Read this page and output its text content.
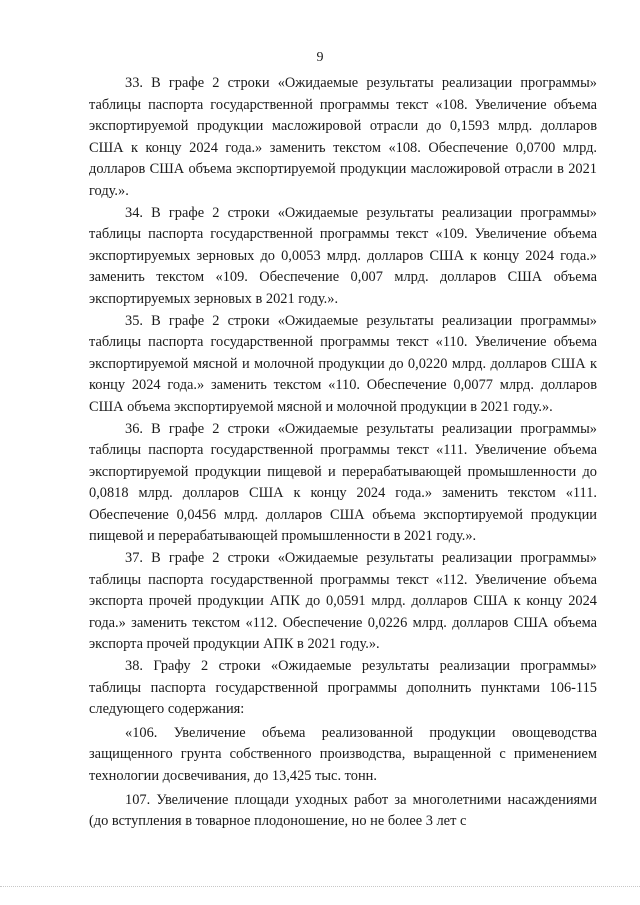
9

33. В графе 2 строки «Ожидаемые результаты реализации программы» таблицы паспорта государственной программы текст «108. Увеличение объема экспортируемой продукции масложировой отрасли до 0,1593 млрд. долларов США к концу 2024 года.» заменить текстом «108. Обеспечение 0,0700 млрд. долларов США объема экспортируемой продукции масложировой отрасли в 2021 году.».

34. В графе 2 строки «Ожидаемые результаты реализации программы» таблицы паспорта государственной программы текст «109. Увеличение объема экспортируемых зерновых до 0,0053 млрд. долларов США к концу 2024 года.» заменить текстом «109. Обеспечение 0,007 млрд. долларов США объема экспортируемых зерновых в 2021 году.».

35. В графе 2 строки «Ожидаемые результаты реализации программы» таблицы паспорта государственной программы текст «110. Увеличение объема экспортируемой мясной и молочной продукции до 0,0220 млрд. долларов США к концу 2024 года.» заменить текстом «110. Обеспечение 0,0077 млрд. долларов США объема экспортируемой мясной и молочной продукции в 2021 году.».

36. В графе 2 строки «Ожидаемые результаты реализации программы» таблицы паспорта государственной программы текст «111. Увеличение объема экспортируемой продукции пищевой и перерабатывающей промышленности до 0,0818 млрд. долларов США к концу 2024 года.» заменить текстом «111. Обеспечение 0,0456 млрд. долларов США объема экспортируемой продукции пищевой и перерабатывающей промышленности в 2021 году.».

37. В графе 2 строки «Ожидаемые результаты реализации программы» таблицы паспорта государственной программы текст «112. Увеличение объема экспорта прочей продукции АПК до 0,0591 млрд. долларов США к концу 2024 года.» заменить текстом «112. Обеспечение 0,0226 млрд. долларов США объема экспорта прочей продукции АПК в 2021 году.».

38. Графу 2 строки «Ожидаемые результаты реализации программы» таблицы паспорта государственной программы дополнить пунктами 106-115 следующего содержания:

«106. Увеличение объема реализованной продукции овощеводства защищенного грунта собственного производства, выращенной с применением технологии досвечивания, до 13,425 тыс. тонн.

107. Увеличение площади уходных работ за многолетними насаждениями (до вступления в товарное плодоношение, но не более 3 лет с
